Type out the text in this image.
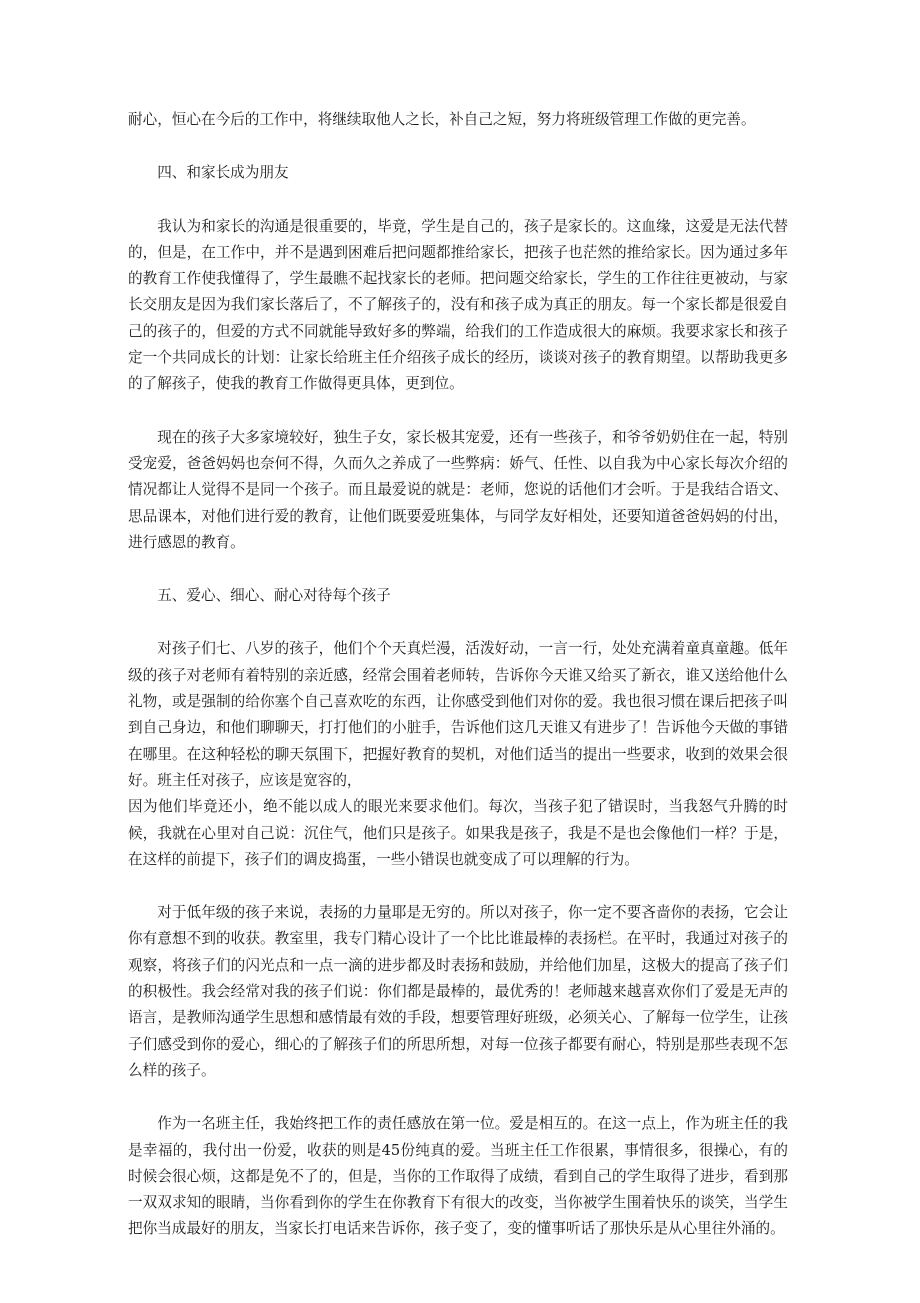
耐心，恒心在今后的工作中，将继续取他人之长，补自己之短，努力将班级管理工作做的更完善。

四、和家长成为朋友

我认为和家长的沟通是很重要的，毕竟，学生是自己的，孩子是家长的。这血缘，这爱是无法代替的，但是，在工作中，并不是遇到困难后把问题都推给家长，把孩子也茫然的推给家长。因为通过多年的教育工作使我懂得了，学生最瞧不起找家长的老师。把问题交给家长，学生的工作往往更被动，与家长交朋友是因为我们家长落后了，不了解孩子的，没有和孩子成为真正的朋友。每一个家长都是很爱自己的孩子的，但爱的方式不同就能导致好多的弊端，给我们的工作造成很大的麻烦。我要求家长和孩子定一个共同成长的计划：让家长给班主任介绍孩子成长的经历，谈谈对孩子的教育期望。以帮助我更多的了解孩子，使我的教育工作做得更具体，更到位。

现在的孩子大多家境较好，独生子女，家长极其宠爱，还有一些孩子，和爷爷奶奶住在一起，特别受宠爱，爸爸妈妈也奈何不得，久而久之养成了一些弊病：娇气、任性、以自我为中心家长每次介绍的情况都让人觉得不是同一个孩子。而且最爱说的就是：老师，您说的话他们才会听。于是我结合语文、思品课本，对他们进行爱的教育，让他们既要爱班集体，与同学友好相处，还要知道爸爸妈妈的付出，进行感恩的教育。

五、爱心、细心、耐心对待每个孩子

对孩子们七、八岁的孩子，他们个个天真烂漫，活泼好动，一言一行，处处充满着童真童趣。低年级的孩子对老师有着特别的亲近感，经常会围着老师转，告诉你今天谁又给买了新衣，谁又送给他什么礼物，或是强制的给你塞个自己喜欢吃的东西，让你感受到他们对你的爱。我也很习惯在课后把孩子叫到自己身边，和他们聊聊天，打打他们的小脏手，告诉他们这几天谁又有进步了！告诉他今天做的事错在哪里。在这种轻松的聊天氛围下，把握好教育的契机，对他们适当的提出一些要求，收到的效果会很好。班主任对孩子，应该是宽容的，

因为他们毕竟还小，绝不能以成人的眼光来要求他们。每次，当孩子犯了错误时，当我怒气升腾的时候，我就在心里对自己说：沉住气，他们只是孩子。如果我是孩子，我是不是也会像他们一样？于是，在这样的前提下，孩子们的调皮捣蛋，一些小错误也就变成了可以理解的行为。

对于低年级的孩子来说，表扬的力量耶是无穷的。所以对孩子，你一定不要吝啬你的表扬，它会让你有意想不到的收获。教室里，我专门精心设计了一个比比谁最棒的表扬栏。在平时，我通过对孩子的观察，将孩子们的闪光点和一点一滴的进步都及时表扬和鼓励，并给他们加星，这极大的提高了孩子们的积极性。我会经常对我的孩子们说：你们都是最棒的，最优秀的！老师越来越喜欢你们了爱是无声的语言，是教师沟通学生思想和感情最有效的手段，想要管理好班级，必须关心、了解每一位学生，让孩子们感受到你的爱心，细心的了解孩子们的所思所想，对每一位孩子都要有耐心，特别是那些表现不怎么样的孩子。

作为一名班主任，我始终把工作的责任感放在第一位。爱是相互的。在这一点上，作为班主任的我是幸福的，我付出一份爱，收获的则是45份纯真的爱。当班主任工作很累，事情很多，很操心，有的时候会很心烦，这都是免不了的，但是，当你的工作取得了成绩，看到自己的学生取得了进步，看到那一双双求知的眼睛，当你看到你的学生在你教育下有很大的改变，当你被学生围着快乐的谈笑，当学生把你当成最好的朋友，当家长打电话来告诉你，孩子变了，变的懂事听话了那快乐是从心里往外涌的。
